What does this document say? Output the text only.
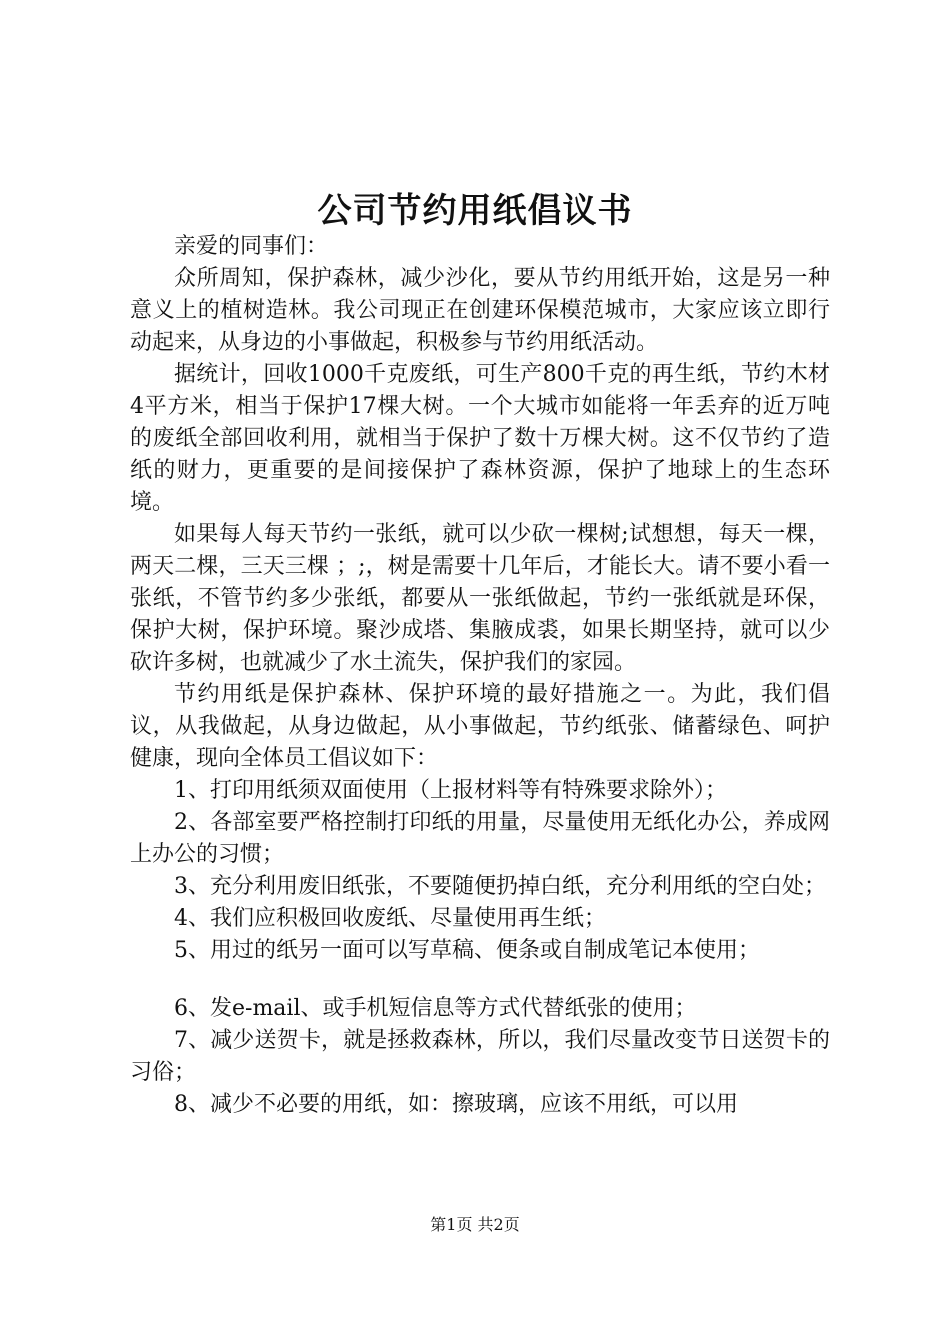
公司节约用纸倡议书

亲爱的同事们：

众所周知，保护森林，减少沙化，要从节约用纸开始，这是另一种意义上的植树造林。我公司现正在创建环保模范城市，大家应该立即行动起来，从身边的小事做起，积极参与节约用纸活动。

据统计，回收1000千克废纸，可生产800千克的再生纸，节约木材4平方米，相当于保护17棵大树。一个大城市如能将一年丢弃的近万吨的废纸全部回收利用，就相当于保护了数十万棵大树。这不仅节约了造纸的财力，更重要的是间接保护了森林资源，保护了地球上的生态环境。

如果每人每天节约一张纸，就可以少砍一棵树;试想想，每天一棵，两天二棵，三天三棵 ；;，树是需要十几年后，才能长大。请不要小看一张纸，不管节约多少张纸，都要从一张纸做起，节约一张纸就是环保，保护大树，保护环境。聚沙成塔、集腋成裘，如果长期坚持，就可以少砍许多树，也就减少了水土流失，保护我们的家园。

节约用纸是保护森林、保护环境的最好措施之一。为此，我们倡议，从我做起，从身边做起，从小事做起，节约纸张、储蓄绿色、呵护健康，现向全体员工倡议如下：

1、打印用纸须双面使用（上报材料等有特殊要求除外）；

2、各部室要严格控制打印纸的用量，尽量使用无纸化办公，养成网上办公的习惯；

3、充分利用废旧纸张，不要随便扔掉白纸，充分利用纸的空白处；

4、我们应积极回收废纸、尽量使用再生纸；

5、用过的纸另一面可以写草稿、便条或自制成笔记本使用；

6、发e-mail、或手机短信息等方式代替纸张的使用；

7、减少送贺卡，就是拯救森林，所以，我们尽量改变节日送贺卡的习俗；

8、减少不必要的用纸，如：擦玻璃，应该不用纸，可以用

第1页 共2页
